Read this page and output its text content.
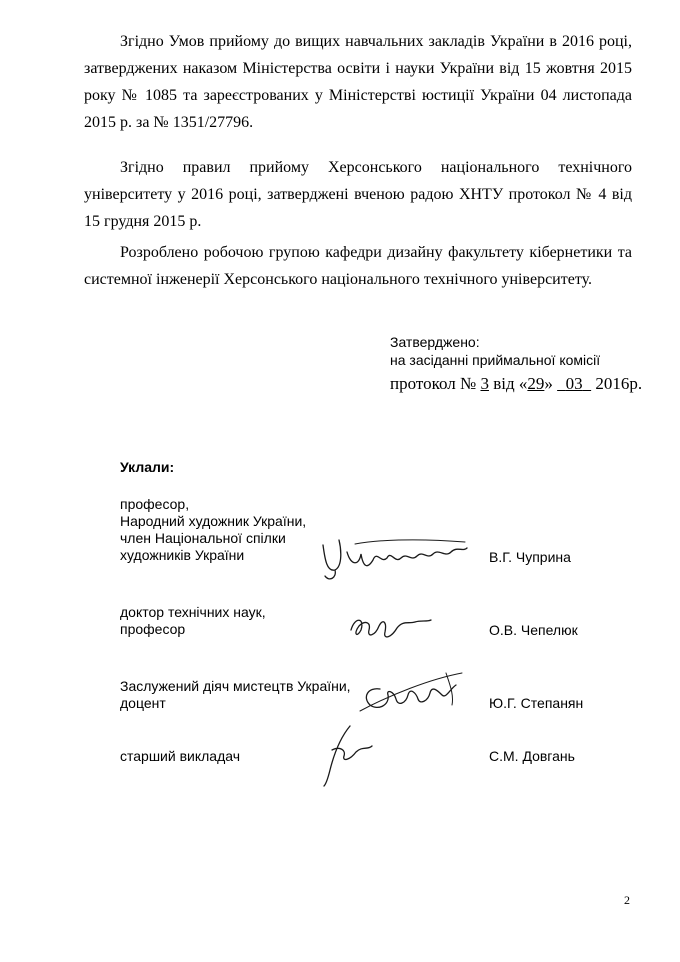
Згідно Умов прийому до вищих навчальних закладів України в 2016 році, затверджених наказом Міністерства освіти і науки України від 15 жовтня 2015 року № 1085 та зареєстрованих у Міністерстві юстиції України 04 листопада 2015 р. за № 1351/27796.

Згідно правил прийому Херсонського національного технічного університету у 2016 році, затверджені вченою радою ХНТУ протокол № 4 від 15 грудня 2015 р.

Розроблено робочою групою кафедри дизайну факультету кібернетики та системної інженерії Херсонського національного технічного університету.

Затверджено:
на засіданні приймальної комісії
протокол № 3 від «29» 03 2016р.
Уклали:
професор,
Народний художник України,
член Національної спілки
художників України	В.Г. Чуприна
доктор технічних наук,
професор	О.В. Чепелюк
Заслужений діяч мистецтв України,
доцент	Ю.Г. Степанян
старший викладач	С.М. Довгань
2
